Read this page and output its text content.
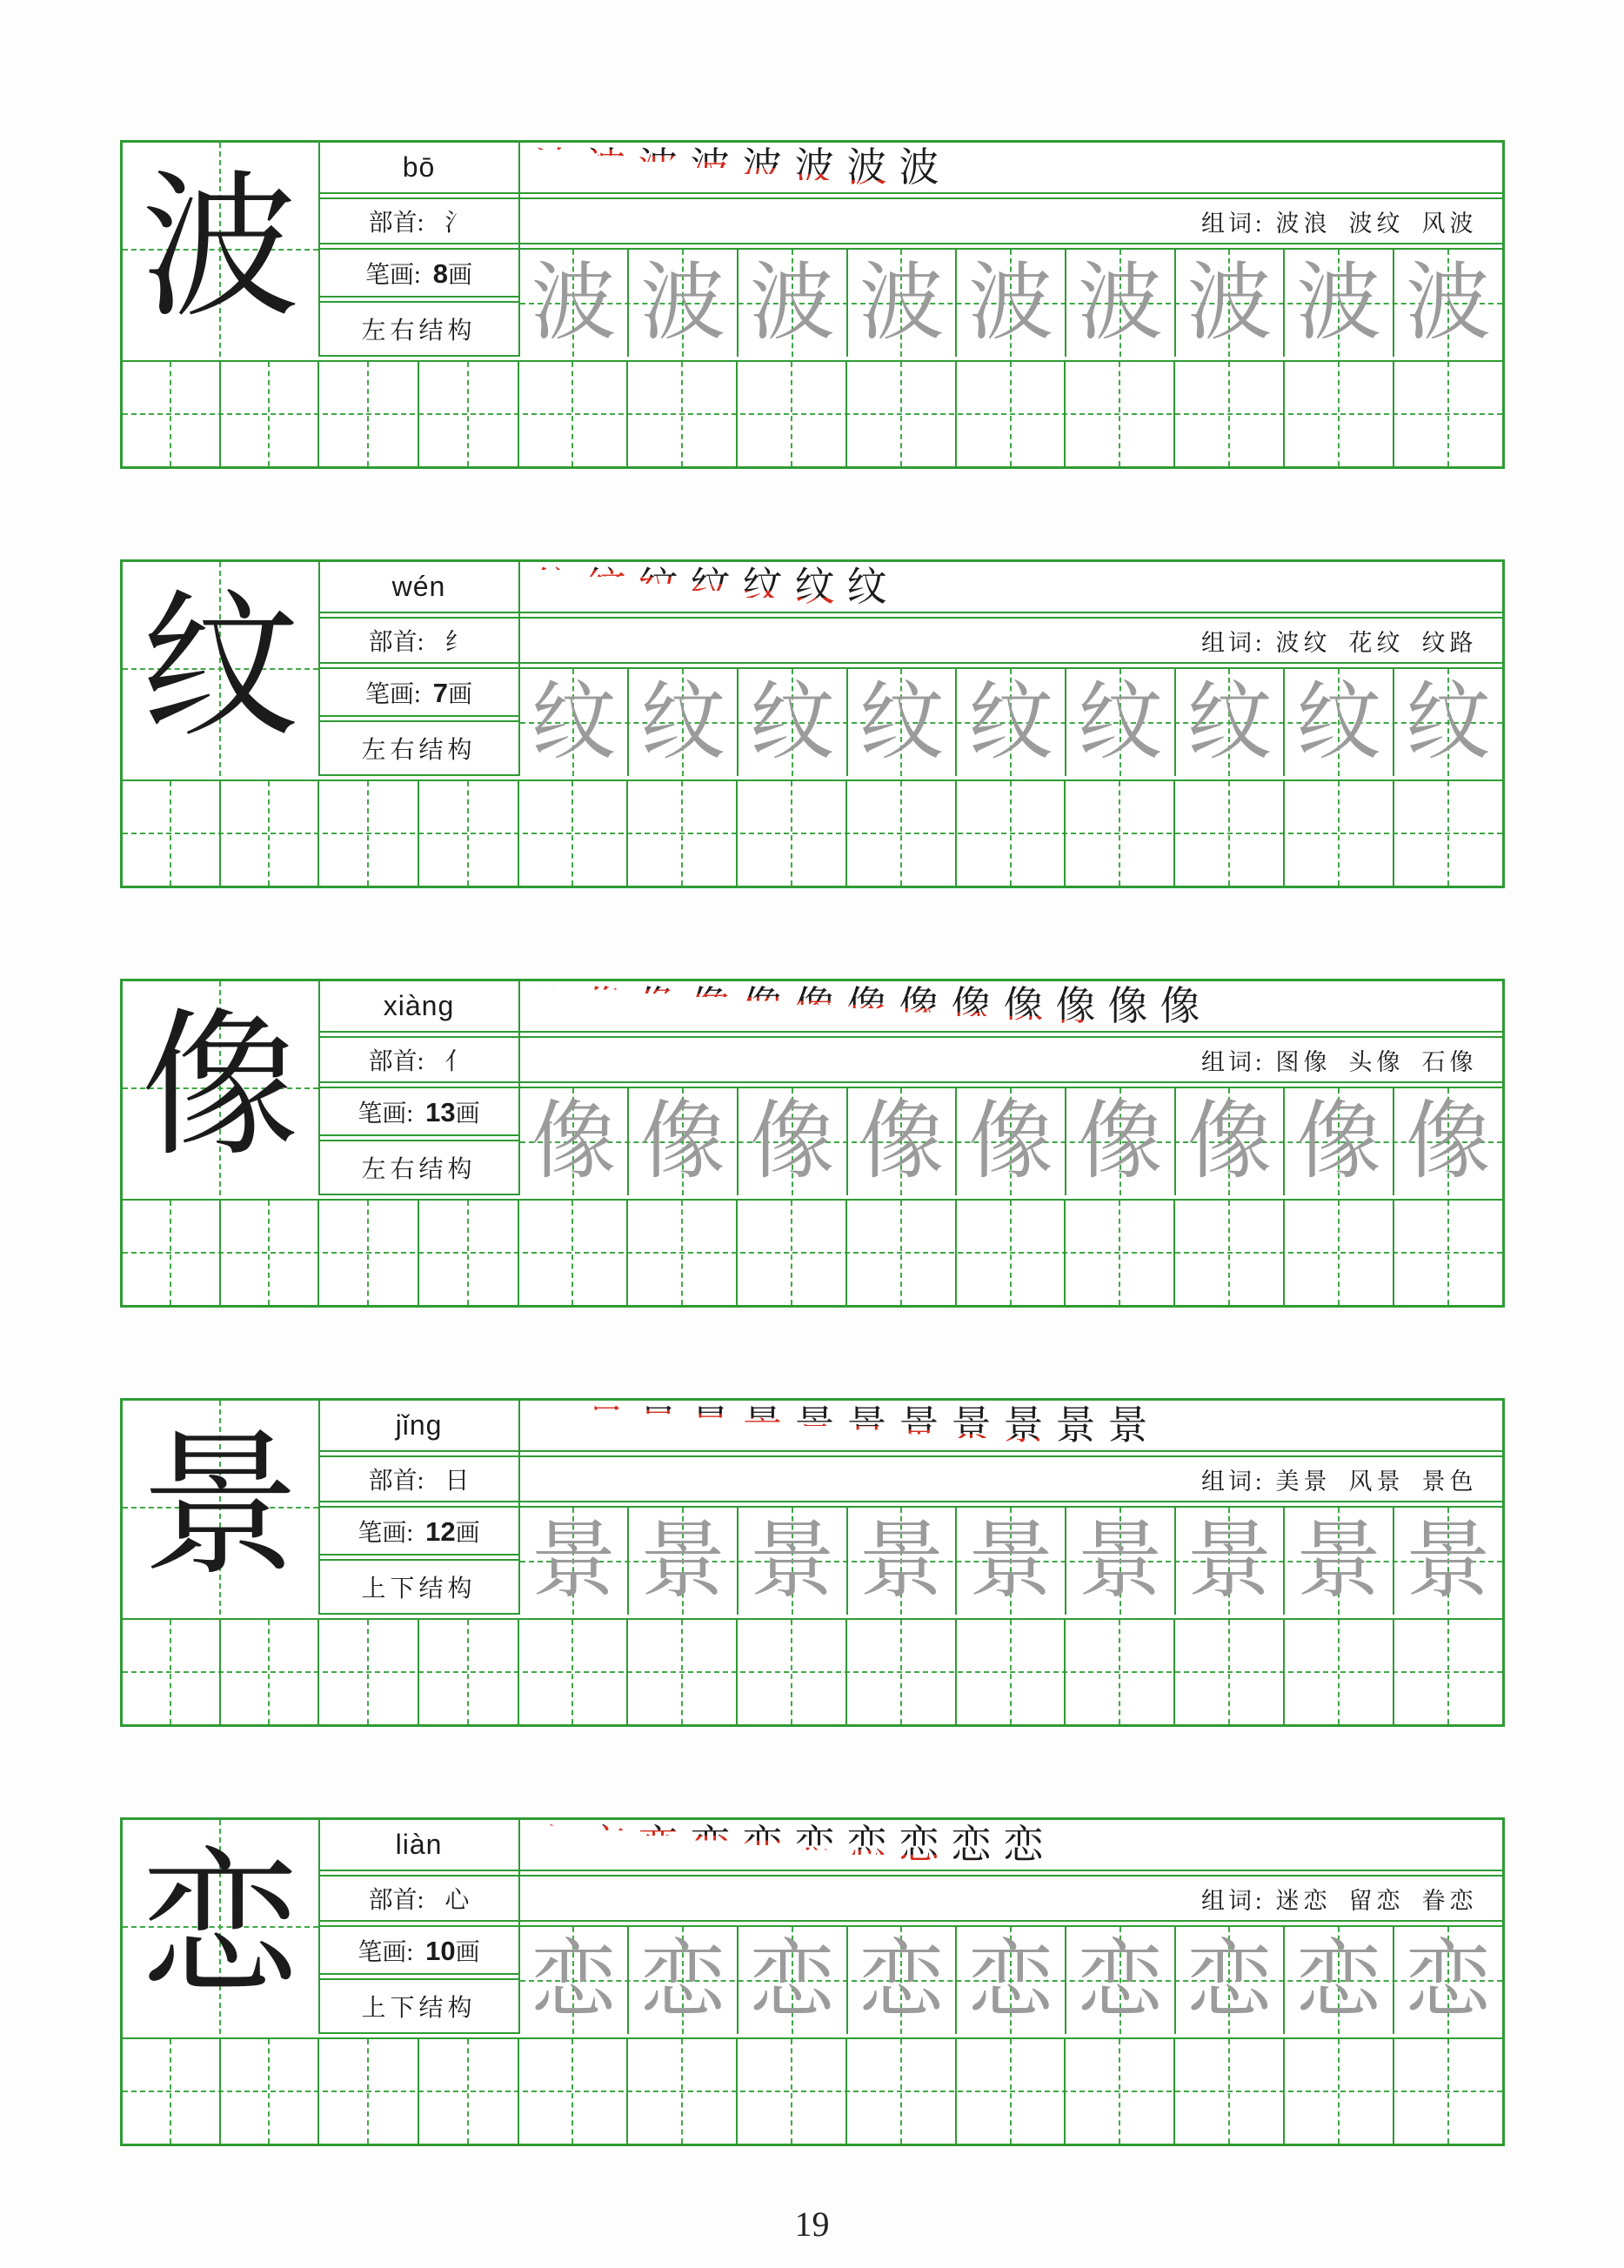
波	bō
部首: 氵
笔画: 8画
左右结构
波 波 波 波 波 波 波 波
组词: 波浪 波纹 风波
波 波 波 波 波 波 波 波 波
纹	wén
部首: 纟
笔画: 7画
左右结构
纹 纹 纹 纹 纹 纹 纹
组词: 波纹 花纹 纹路
纹 纹 纹 纹 纹 纹 纹 纹 纹
像	xiàng
部首: 亻
笔画: 13画
左右结构
像 像 像 像 像 像 像 像 像 像 像 像 像
组词: 图像 头像 石像
像 像 像 像 像 像 像 像 像
景	jǐng
部首: 日
笔画: 12画
上下结构
景 景 景 景 景 景 景 景 景 景 景 景
组词: 美景 风景 景色
景 景 景 景 景 景 景 景 景
恋	liàn
部首: 心
笔画: 10画
上下结构
恋 恋 恋 恋 恋 恋 恋 恋 恋 恋
组词: 迷恋 留恋 眷恋
恋 恋 恋 恋 恋 恋 恋 恋 恋
19
